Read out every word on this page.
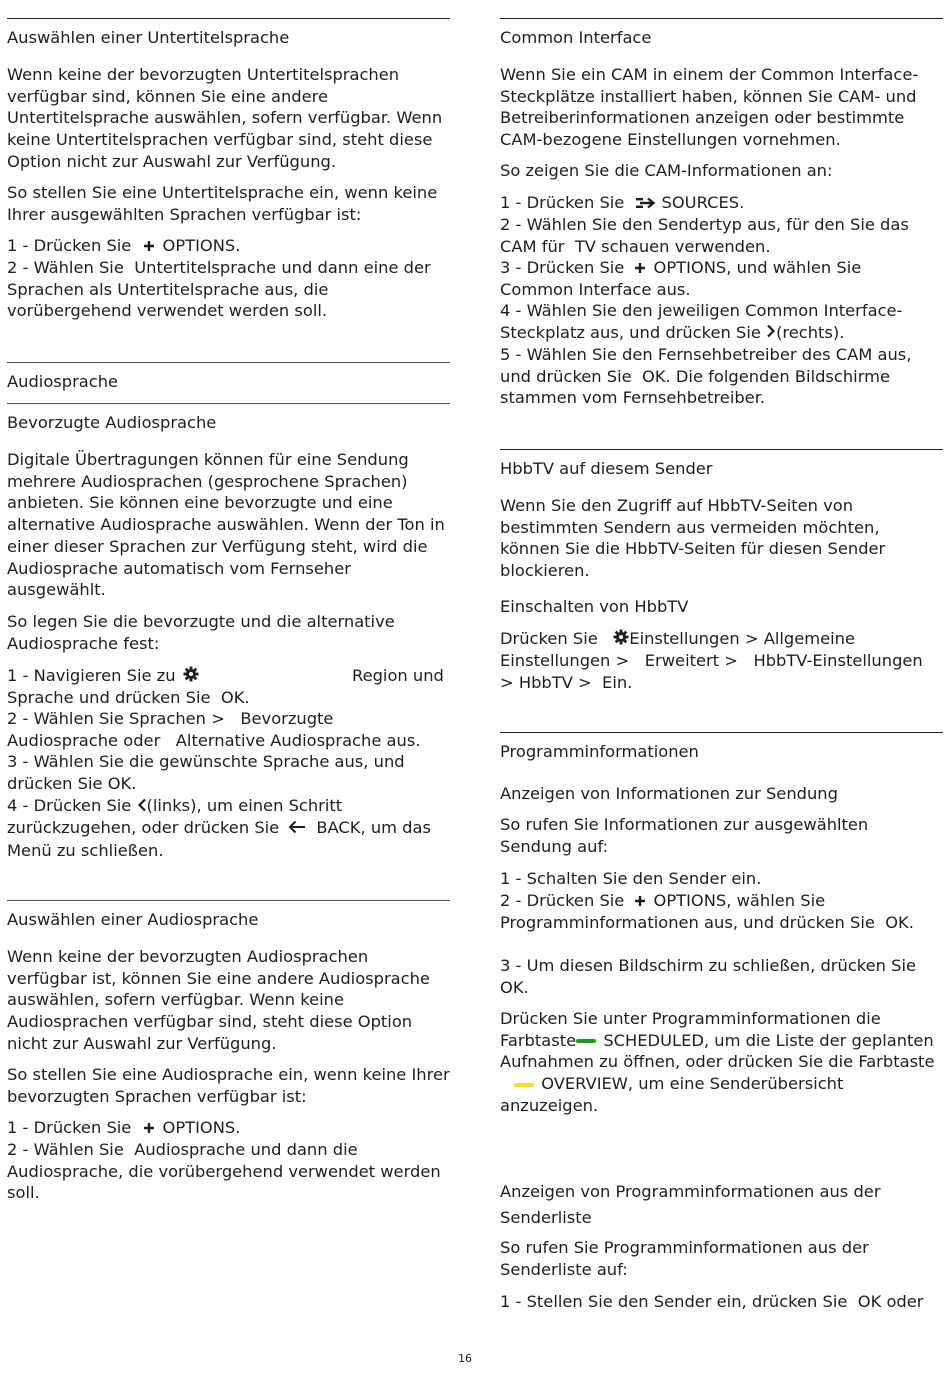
Auswählen einer Untertitelsprache

Wenn keine der bevorzugten Untertitelsprachen verfügbar sind, können Sie eine andere Untertitelsprache auswählen, sofern verfügbar. Wenn keine Untertitelsprachen verfügbar sind, steht diese Option nicht zur Auswahl zur Verfügung.

So stellen Sie eine Untertitelsprache ein, wenn keine Ihrer ausgewählten Sprachen verfügbar ist:

1 - Drücken Sie OPTIONS.

2 - Wählen Sie Untertitelsprache und dann eine der Sprachen als Untertitelsprache aus, die vorübergehend verwendet werden soll.

Audiosprache
Bevorzugte Audiosprache

Digitale Übertragungen können für eine Sendung mehrere Audiosprachen (gesprochene Sprachen) anbieten. Sie können eine bevorzugte und eine alternative Audiosprache auswählen. Wenn der Ton in einer dieser Sprachen zur Verfügung steht, wird die Audiosprache automatisch vom Fernseher ausgewählt.

So legen Sie die bevorzugte und die alternative Audiosprache fest:

1 - Navigieren Sie zu	Region und
Sprache und drücken Sie OK.

2 - Wählen Sie Sprachen > Bevorzugte
Audiosprache oder Alternative Audiosprache aus.

3 - Wählen Sie die gewünschte Sprache aus, und drücken Sie OK.

4 - Drücken Sie (links), um einen Schritt zurückzugehen, oder drücken Sie BACK, um das Menü zu schließen.

Auswählen einer Audiosprache

Wenn keine der bevorzugten Audiosprachen verfügbar ist, können Sie eine andere Audiosprache auswählen, sofern verfügbar. Wenn keine Audiosprachen verfügbar sind, steht diese Option nicht zur Auswahl zur Verfügung.

So stellen Sie eine Audiosprache ein, wenn keine Ihrer bevorzugten Sprachen verfügbar ist:

1 - Drücken Sie OPTIONS.

2 - Wählen Sie Audiosprache und dann die Audiosprache, die vorübergehend verwendet werden soll.

Common Interface

Wenn Sie ein CAM in einem der Common Interface-Steckplätze installiert haben, können Sie CAM- und Betreiberinformationen anzeigen oder bestimmte CAM-bezogene Einstellungen vornehmen.

So zeigen Sie die CAM-Informationen an:

1 - Drücken Sie SOURCES.

2 - Wählen Sie den Sendertyp aus, für den Sie das CAM für TV schauen verwenden.

3 - Drücken Sie OPTIONS, und wählen Sie  Common Interface aus.

4 - Wählen Sie den jeweiligen Common Interface-Steckplatz aus, und drücken Sie (rechts).

5 - Wählen Sie den Fernsehbetreiber des CAM aus, und drücken Sie OK. Die folgenden Bildschirme stammen vom Fernsehbetreiber.

HbbTV auf diesem Sender

Wenn Sie den Zugriff auf HbbTV-Seiten von bestimmten Sendern aus vermeiden möchten, können Sie die HbbTV-Seiten für diesen Sender blockieren.

Einschalten von HbbTV

Drücken Sie Einstellungen > Allgemeine Einstellungen > Erweitert > HbbTV-Einstellungen
> HbbTV > Ein.

Programminformationen
Anzeigen von Informationen zur Sendung

So rufen Sie Informationen zur ausgewählten Sendung auf:

1 - Schalten Sie den Sender ein.

2 - Drücken Sie OPTIONS, wählen Sie  Programminformationen aus, und drücken Sie OK.

3 - Um diesen Bildschirm zu schließen, drücken Sie  OK.

Drücken Sie unter Programminformationen die Farbtaste SCHEDULED, um die Liste der geplanten Aufnahmen zu öffnen, oder drücken Sie die Farbtaste OVERVIEW, um eine Senderübersicht anzuzeigen.

Anzeigen von Programminformationen aus der Senderliste

So rufen Sie Programminformationen aus der Senderliste auf:

1 - Stellen Sie den Sender ein, drücken Sie OK oder
16
